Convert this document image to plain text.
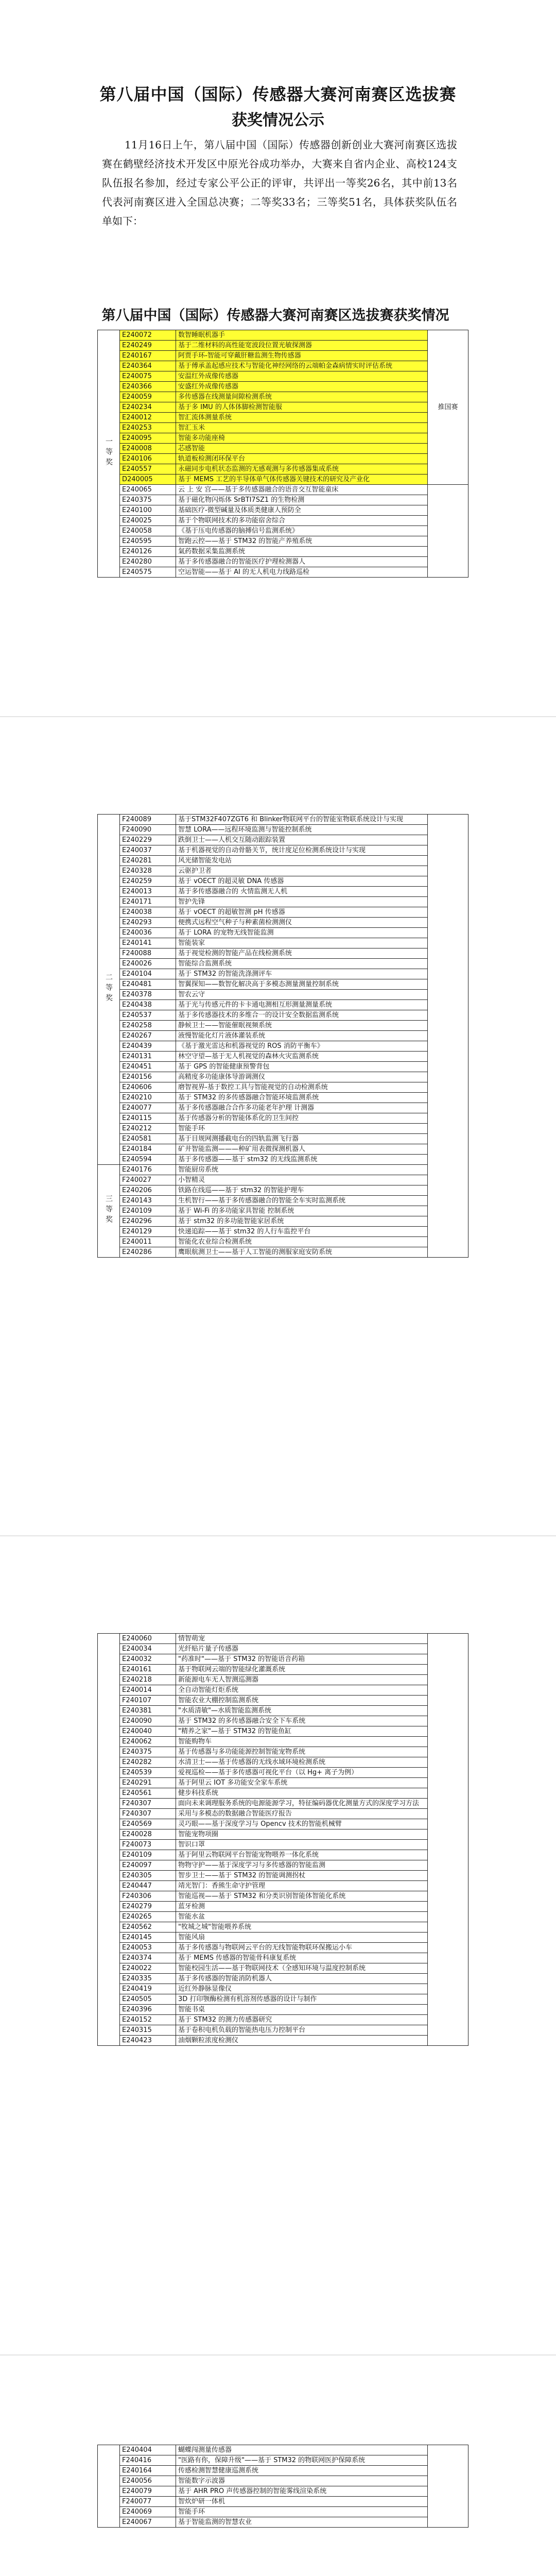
第八届中国（国际）传感器大赛河南赛区选拔赛
获奖情况公示
11月16日上午，第八届中国（国际）传感器创新创业大赛河南赛区选拔赛在鹤壁经济技术开发区中原光谷成功举办，大赛来自省内企业、高校124支队伍报名参加，经过专家公平公正的评审，共评出一等奖26名，其中前13名代表河南赛区进入全国总决赛；二等奖33名；三等奖51名，具体获奖队伍名单如下：
第八届中国（国际）传感器大赛河南赛区选拔赛获奖情况
一等奖	E240072	数智睡眠机器手	推国赛
	E240249	基于二维材料的高性能宽波段位置光敏探测器	
	E240167	阿贾手环-智能可穿戴肝糖监测生物传感器	
	E240364	基于傅承盖起感应技术与智能化神经网络的云端帕金森病情实时评估系统	
	E240075	安温红外成像传感器	
	E240366	安盛红外成像传感器	
	E240059	多传感器在线测量间隙检测系统	
	E240234	基于多 IMU 的人体体脚检测智能服	
	E240012	智汇流体测量系统	
	E240253	智汇玉米	
	E240095	智能多功能座椅	
	E240008	芯感智能	
	E240106	轨道板检测闭环保平台	
	E240557	永磁同步电机状态监测的无感观测与多传感器集成系统	
	D240005	基于 MEMS 工艺的半导体单气体传感器关键技术的研究及产业化	
	E240065	云 上 安 宫——基于多传感器融合的语音交互智能童床	
	E240375	基于磁化物闪烁体 SrBTI7SZ1 的生物检测	
	E240100	基础医疗-微型碱量及体质类健康人预防全	
	E240025	基于个物联网技术的多功能宿舍综合	
	E240058	《基于压电传感器的脑搏信号监测系统》	
	E240595	智跑云控——基于 STM32 的智能产养殖系统	
	E240126	氣药数据采集监测系统	
	E240280	基于多传感器融合的智能医疗护理检测器人	
	E240575	空运智能——基于 AI 的无人机电力线路巡检	
二等奖	F240089	基于STM32F407ZGT6 和 Blinker物联网平台的智能室物联系统设计与实现	
	F240090	智慧 LORA——远程环境监测与智能控制系统	
	E240229	跌倒卫士——人机交互随动跟踪装置	
	E240037	基于机器视觉的自动骨骼关节，统计度足位检测系统设计与实现	
	E240281	风光储智能发电站	
	E240328	云驱护卫者	
	E240259	基于 vOECT 的超灵敏 DNA 传感器	
	E240013	基于多传感器融合的 火情监测无人机	
	E240171	智护先锋	
	E240038	基于 vOECT 的超敏智测 pH 传感器	
	E240293	便携式远程空气种子与种素菌检测测仪	
	E240036	基于 LORA 的宠物无线智能监测	
	E240141	智能装家	
	F240088	基于视觉检测的智能产品在线检测系统	
	E240026	智能综合监测系统	
	E240104	基于 STM32 的智能洗涤测评车	
	E240481	智翼探知——数智化解决高于多模态测量测量控制系统	
	E240378	智农云守	
	E240438	基于光与传感元件的卡卡通电测相互形测量测量系统	
	E240537	基于多传感器技术的多维合一的设计安全数据监测系统	
	E240258	静候卫士——智能催眠视频系统	
	E240267	液慢智能化灯片液体灌装系统	
	E240439	《基于激光雷达和机器视觉的 ROS 消防平衡车》	
	E240131	林空守望—基于无人机视觉的森林火灾监测系统	
	E240451	基于 GPS 的智能健康预警背包	
	E240156	高精度多功能康体导游调测仪	
	E240606	磨智视界-基于数控工具与智能视觉的自动检测系统	
	E240210	基于 STM32 的多传感器融合智能环境监测系统	
	E240077	基于多传感器融合合作多功能老年护理 计测器	
	E240115	基于传感器分析的智能体系化的卫生间控	
	E240212	智能手环	
	E240581	基于目规网测播截电台的四轨监测飞行器	
	E240184	矿井智能监测———种矿用表微探测机器人	
	E240594	基于多传感器——基于 stm32 的无线监测系统	
三等奖	E240176	智能厨房系统	
	F240027	小智精灵	
	E240206	铁路在线巡——基于 stm32 的智能护理车	
	E240143	生机智行——基于多传感器融合的智能全车实时监测系统	
	E240109	基于 Wi-Fi 的多功能家具智能 控制系统	
	E240296	基于 stm32 的多功能智能家居系统	
	E240129	快递追踪——基于 stm32 的人行车监控平台	
	E240011	智能化农业综合检测系统	
	E240286	鹰眼航测卫士——基于人工智能的测服家庭安防系统	
	E240060	情智萌宠	
	E240034	光纤贴片量子传感器	
	E240032	"药准时"——基于 STM32 的智能语音药箱	
	E240161	基于物联网云端的智能绿化灌溉系统	
	E240218	新能源电车无人智测巡测器	
	E240014	全自动智能灯炬系统	
	F240107	智能农业大棚控制监测系统	
	E240381	"水质清敏"—水质智能监测系统	
	E240090	基于 STM32 的多传感器融合安全下车系统	
	E240040	"精养之家"—基于 STM32 的智能鱼缸	
	E240062	智能购物车	
	E240375	基于传感器与多功能能源控制智能宠物系统	
	E240282	水清卫士——基于传感器的无线水域环境检测系统	
	E240539	爱视巡检——基于多传感器可视化平台（以 Hg+ 离子为例）	
	E240291	基于阿里云 IOT 多功能安全家车系统	
	E240561	健步科技系统	
	F240307	面向未来调理服务系统的电源能源学习，特征编码器优化测量方式的深度学习方法	
	F240307	采用与多模态的数据融合智能医疗报告	
	E240569	灵巧眼——基于深度学习与 Opencv 技术的智能机械臂	
	E240028	智能宠物项圈	
	F240073	智识口罩	
	E240109	基于阿里云物联网平台智能宠物喂养一体化系统	
	E240097	物物守护——基于深度学习与多传感器的智能监测	
	E240305	智步卫士——基于 STM32 的智能调测拐杖	
	E240447	靖光智门：香熊生命守护管理	
	F240306	智能巡视——基于 STM32 和分类识别智能体智能化系统	
	E240279	蓝牙检测	
	E240265	智能水盆	
	E240562	"牧城之城"智能喂养系统	
	E240145	智能风扇	
	E240053	基于多传感器与物联网云平台的无线智能物联环保搬运小车	
	E240374	基于 MEMS 传感器的智能骨科康复系统	
	E240022	智能校园生活——基于物联网技术（全感知环境与温度控制系统	
	E240335	基于多传感器的智能消防机器人	
	E240419	近红外静脉显像仪	
	E240505	3D 打印颚酶检测有机溶剂传感器的设计与制作	
	E240396	智能书桌	
	E240152	基于 STM32 的测力传感器研究	
	E240315	基于卷积电机负载的智能热电压力控制平台	
	E240423	油烟颗粒浓度检测仪	
	E240404	蝴蝶闯测量传感器	
	F240416	"医路有你，保障升级"——基于 STM32 的物联网医护保障系统	
	E240164	传感检测智慧健康巡测系统	
	E240056	智能数字示波器	
	E240079	基于 AHR PRO 声传感器控制的智能雾线渲染系统	
	F240077	智炊炉研一体机	
	E240069	智能手环	
	E240067	基于智能监测的智慧农业	
